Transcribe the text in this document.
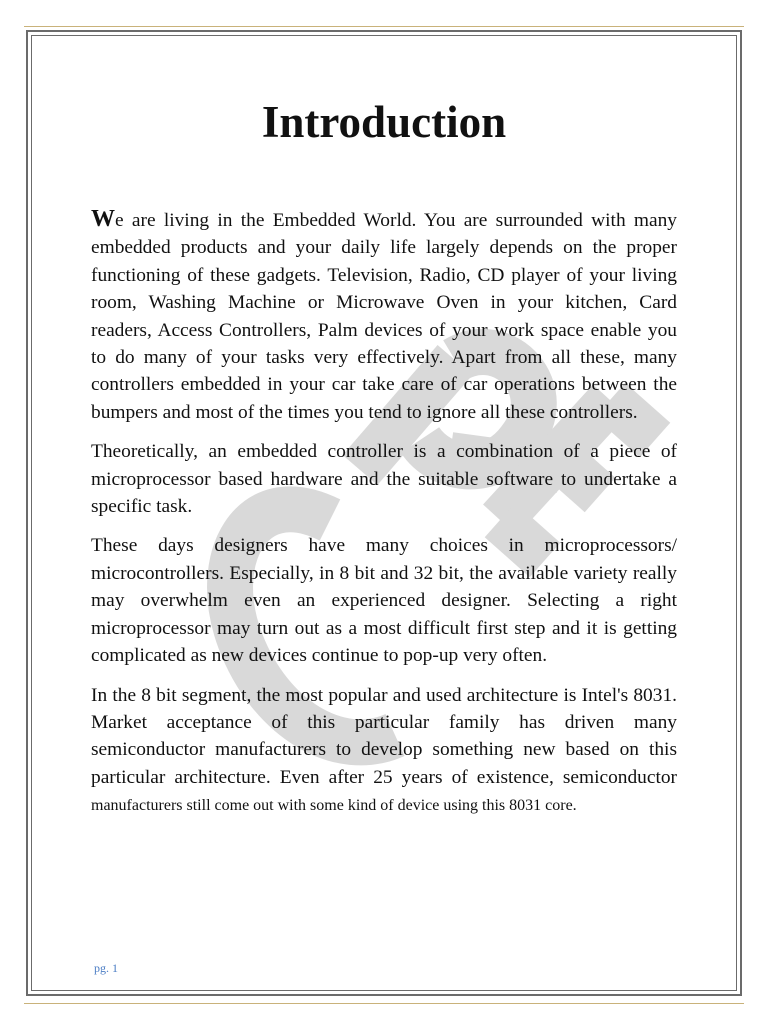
Introduction

We are living in the Embedded World. You are surrounded with many embedded products and your daily life largely depends on the proper functioning of these gadgets. Television, Radio, CD player of your living room, Washing Machine or Microwave Oven in your kitchen, Card readers, Access Controllers, Palm devices of your work space enable you to do many of your tasks very effectively. Apart from all these, many controllers embedded in your car take care of car operations between the bumpers and most of the times you tend to ignore all these controllers.

Theoretically, an embedded controller is a combination of a piece of microprocessor based hardware and the suitable software to undertake a specific task.

These days designers have many choices in microprocessors/ microcontrollers. Especially, in 8 bit and 32 bit, the available variety really may overwhelm even an experienced designer. Selecting a right microprocessor may turn out as a most difficult first step and it is getting complicated as new devices continue to pop-up very often.

In the 8 bit segment, the most popular and used architecture is Intel's 8031. Market acceptance of this particular family has driven many semiconductor manufacturers to develop something new based on this particular architecture. Even after 25 years of existence, semiconductor manufacturers still come out with some kind of device using this 8031 core.

pg. 1
